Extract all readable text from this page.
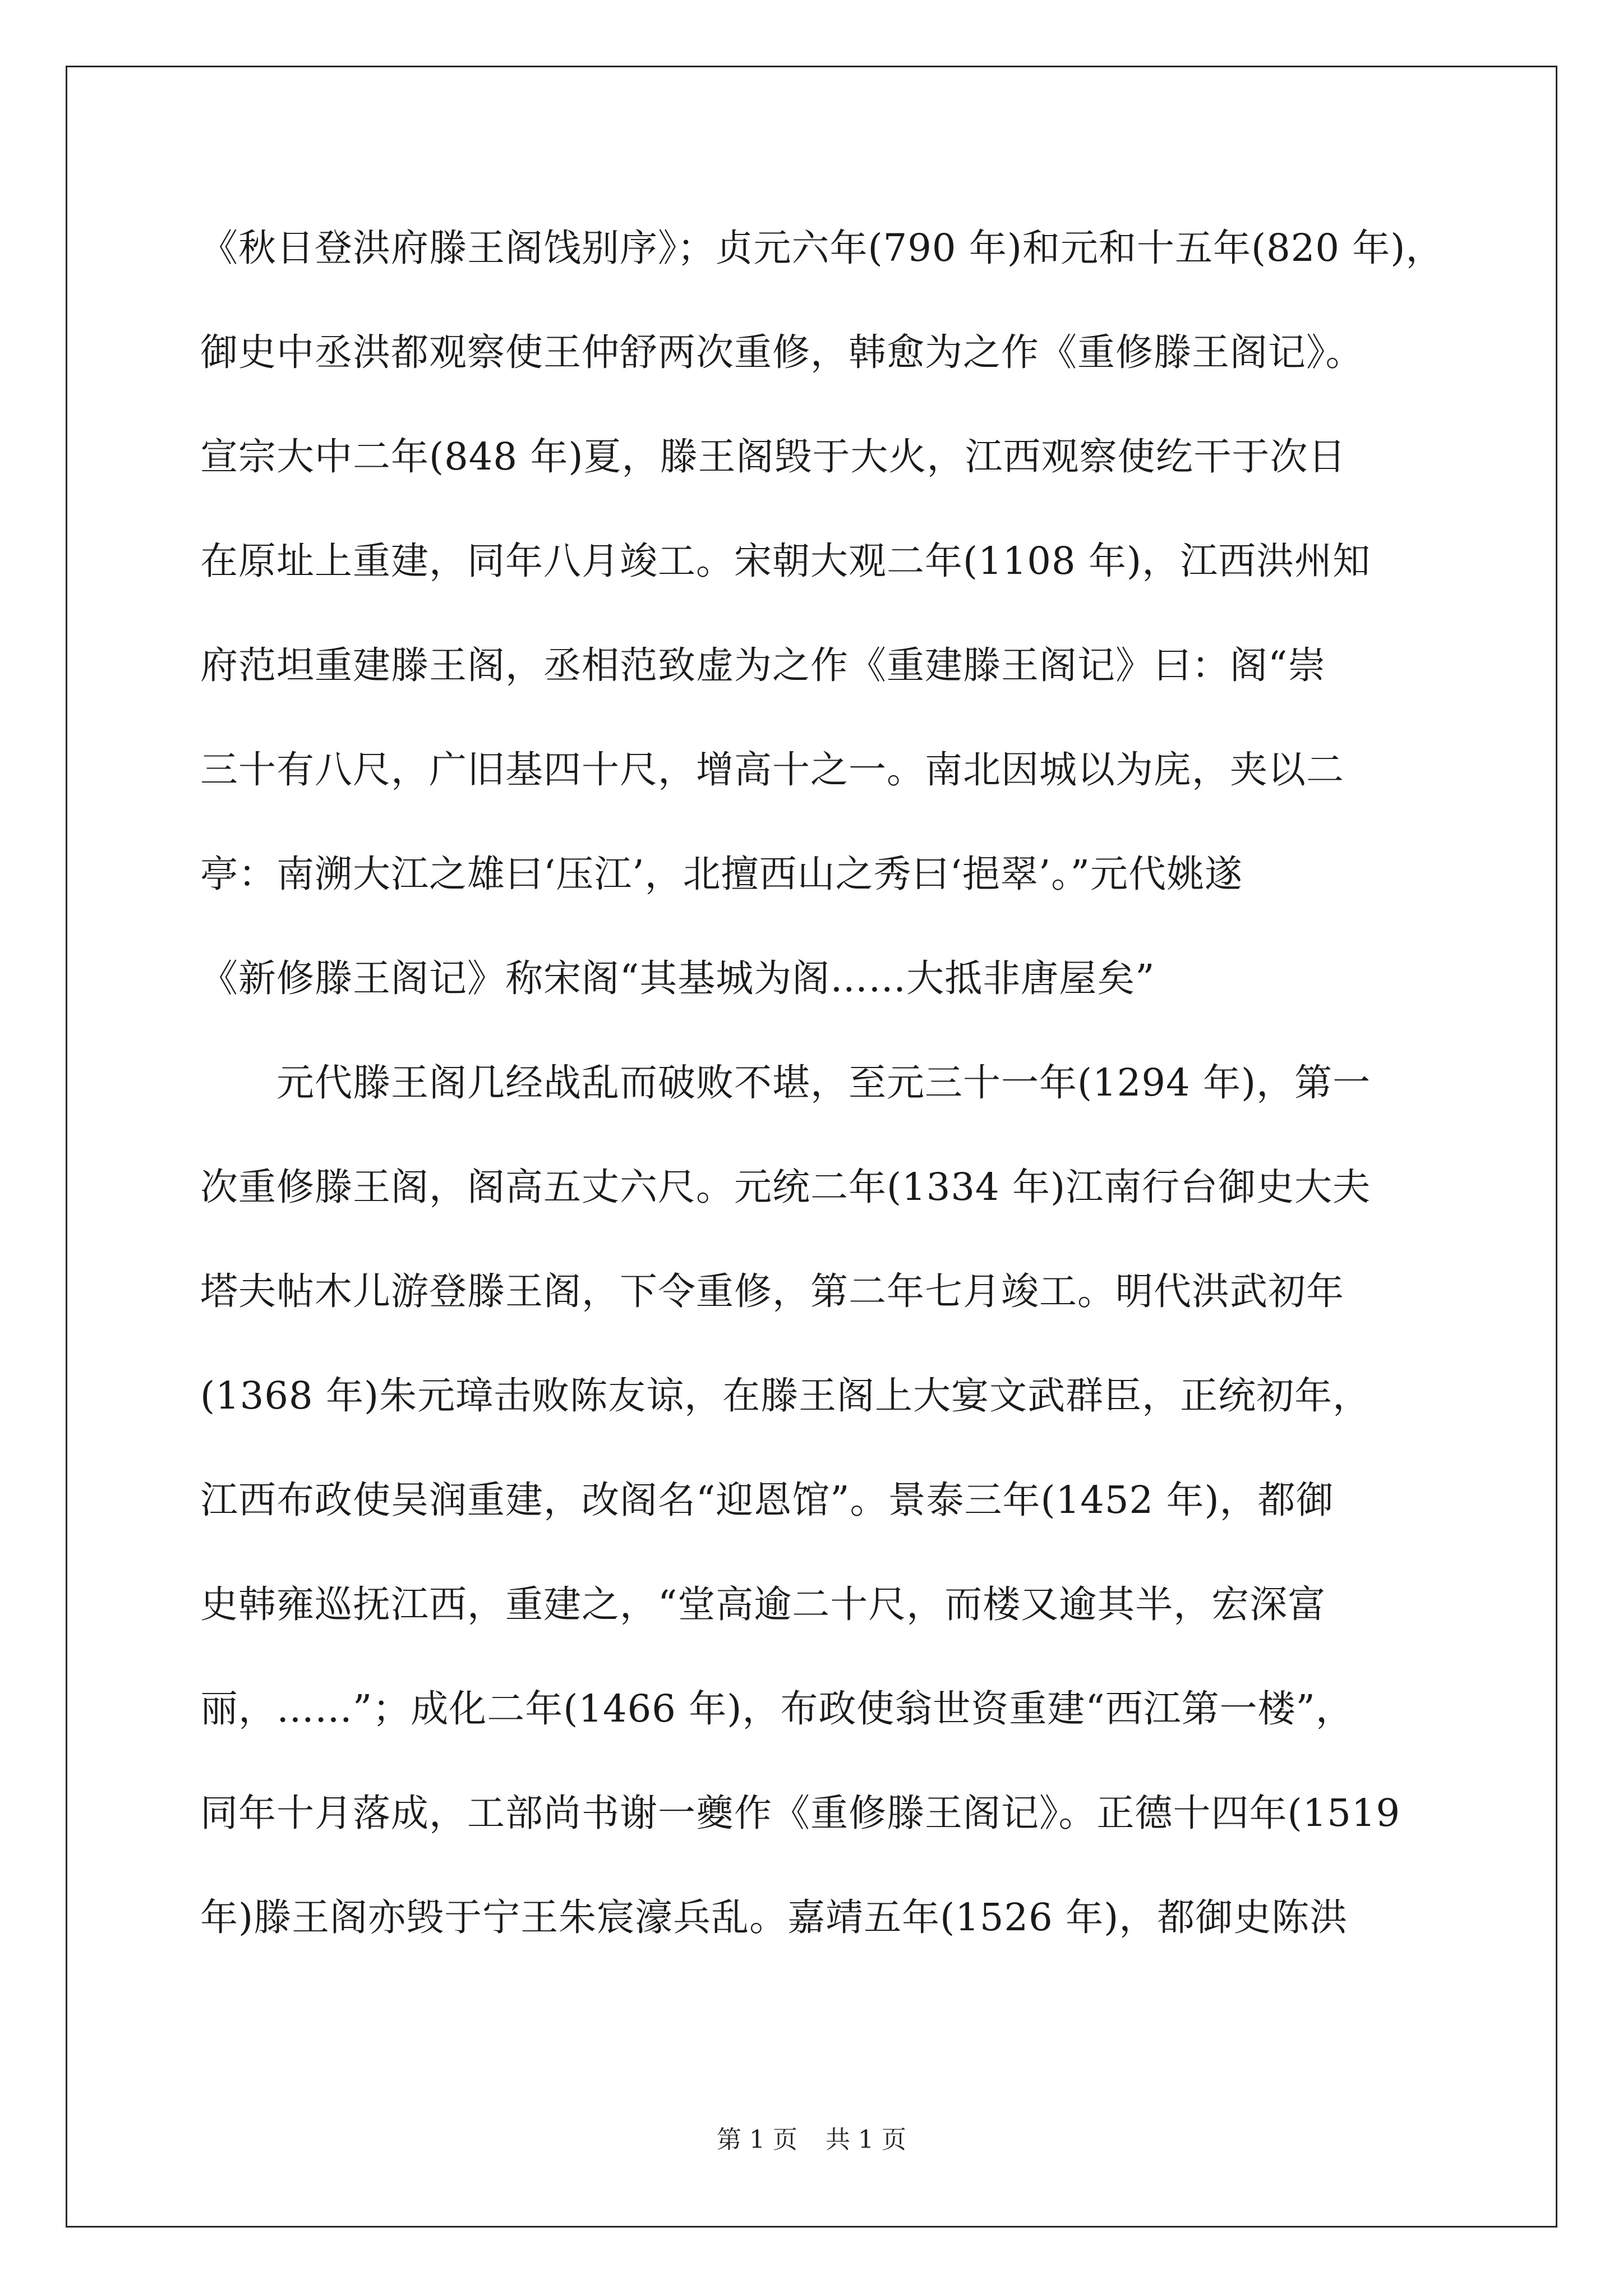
《秋日登洪府滕王阁饯别序》；贞元六年(790 年)和元和十五年(820 年)，
御史中丞洪都观察使王仲舒两次重修，韩愈为之作《重修滕王阁记》。
宣宗大中二年(848 年)夏，滕王阁毁于大火，江西观察使纥干于次日
在原址上重建，同年八月竣工。宋朝大观二年(1108 年)，江西洪州知
府范坦重建滕王阁，丞相范致虚为之作《重建滕王阁记》曰：阁“崇
三十有八尺，广旧基四十尺，增高十之一。南北因城以为庑，夹以二
亭：南溯大江之雄曰‘压江’，北擅西山之秀曰‘挹翠’。”元代姚遂
《新修滕王阁记》称宋阁“其基城为阁……大抵非唐屋矣”
元代滕王阁几经战乱而破败不堪，至元三十一年(1294 年)，第一
次重修滕王阁，阁高五丈六尺。元统二年(1334 年)江南行台御史大夫
塔夫帖木儿游登滕王阁，下令重修，第二年七月竣工。明代洪武初年
(1368 年)朱元璋击败陈友谅，在滕王阁上大宴文武群臣，正统初年，
江西布政使吴润重建，改阁名“迎恩馆”。景泰三年(1452 年)，都御
史韩雍巡抚江西，重建之，“堂高逾二十尺，而楼又逾其半，宏深富
丽，……”；成化二年(1466 年)，布政使翁世资重建“西江第一楼”，
同年十月落成，工部尚书谢一夔作《重修滕王阁记》。正德十四年(1519
年)滕王阁亦毁于宁王朱宸濠兵乱。嘉靖五年(1526 年)，都御史陈洪
第 1 页 共 1 页
